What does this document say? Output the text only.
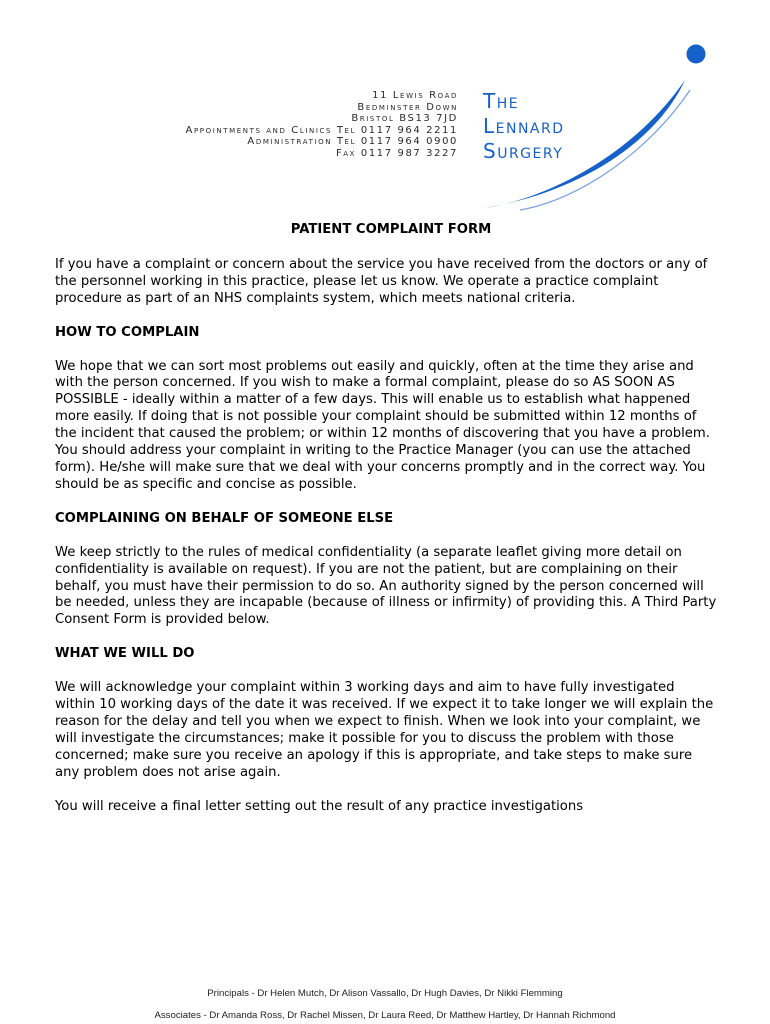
11 Lewis Road
Bedminster Down
Bristol BS13 7JD
Appointments and Clinics Tel 0117 964 2211
Administration Tel 0117 964 0900
Fax 0117 987 3227
The
Lennard
Surgery
PATIENT COMPLAINT FORM
If you have a complaint or concern about the service you have received from the doctors or any of the personnel working in this practice, please let us know. We operate a practice complaint procedure as part of an NHS complaints system, which meets national criteria.
HOW TO COMPLAIN
We hope that we can sort most problems out easily and quickly, often at the time they arise and with the person concerned. If you wish to make a formal complaint, please do so AS SOON AS POSSIBLE - ideally within a matter of a few days. This will enable us to establish what happened more easily. If doing that is not possible your complaint should be submitted within 12 months of the incident that caused the problem; or within 12 months of discovering that you have a problem. You should address your complaint in writing to the Practice Manager (you can use the attached form). He/she will make sure that we deal with your concerns promptly and in the correct way. You should be as specific and concise as possible.
COMPLAINING ON BEHALF OF SOMEONE ELSE
We keep strictly to the rules of medical confidentiality (a separate leaflet giving more detail on confidentiality is available on request). If you are not the patient, but are complaining on their behalf, you must have their permission to do so. An authority signed by the person concerned will be needed, unless they are incapable (because of illness or infirmity) of providing this. A Third Party Consent Form is provided below.
WHAT WE WILL DO
We will acknowledge your complaint within 3 working days and aim to have fully investigated within 10 working days of the date it was received. If we expect it to take longer we will explain the reason for the delay and tell you when we expect to finish. When we look into your complaint, we will investigate the circumstances; make it possible for you to discuss the problem with those concerned; make sure you receive an apology if this is appropriate, and take steps to make sure any problem does not arise again.
You will receive a final letter setting out the result of any practice investigations
Principals - Dr Helen Mutch, Dr Alison Vassallo, Dr Hugh Davies, Dr Nikki Flemming
Associates - Dr Amanda Ross, Dr Rachel Missen, Dr Laura Reed, Dr Matthew Hartley, Dr Hannah Richmond
